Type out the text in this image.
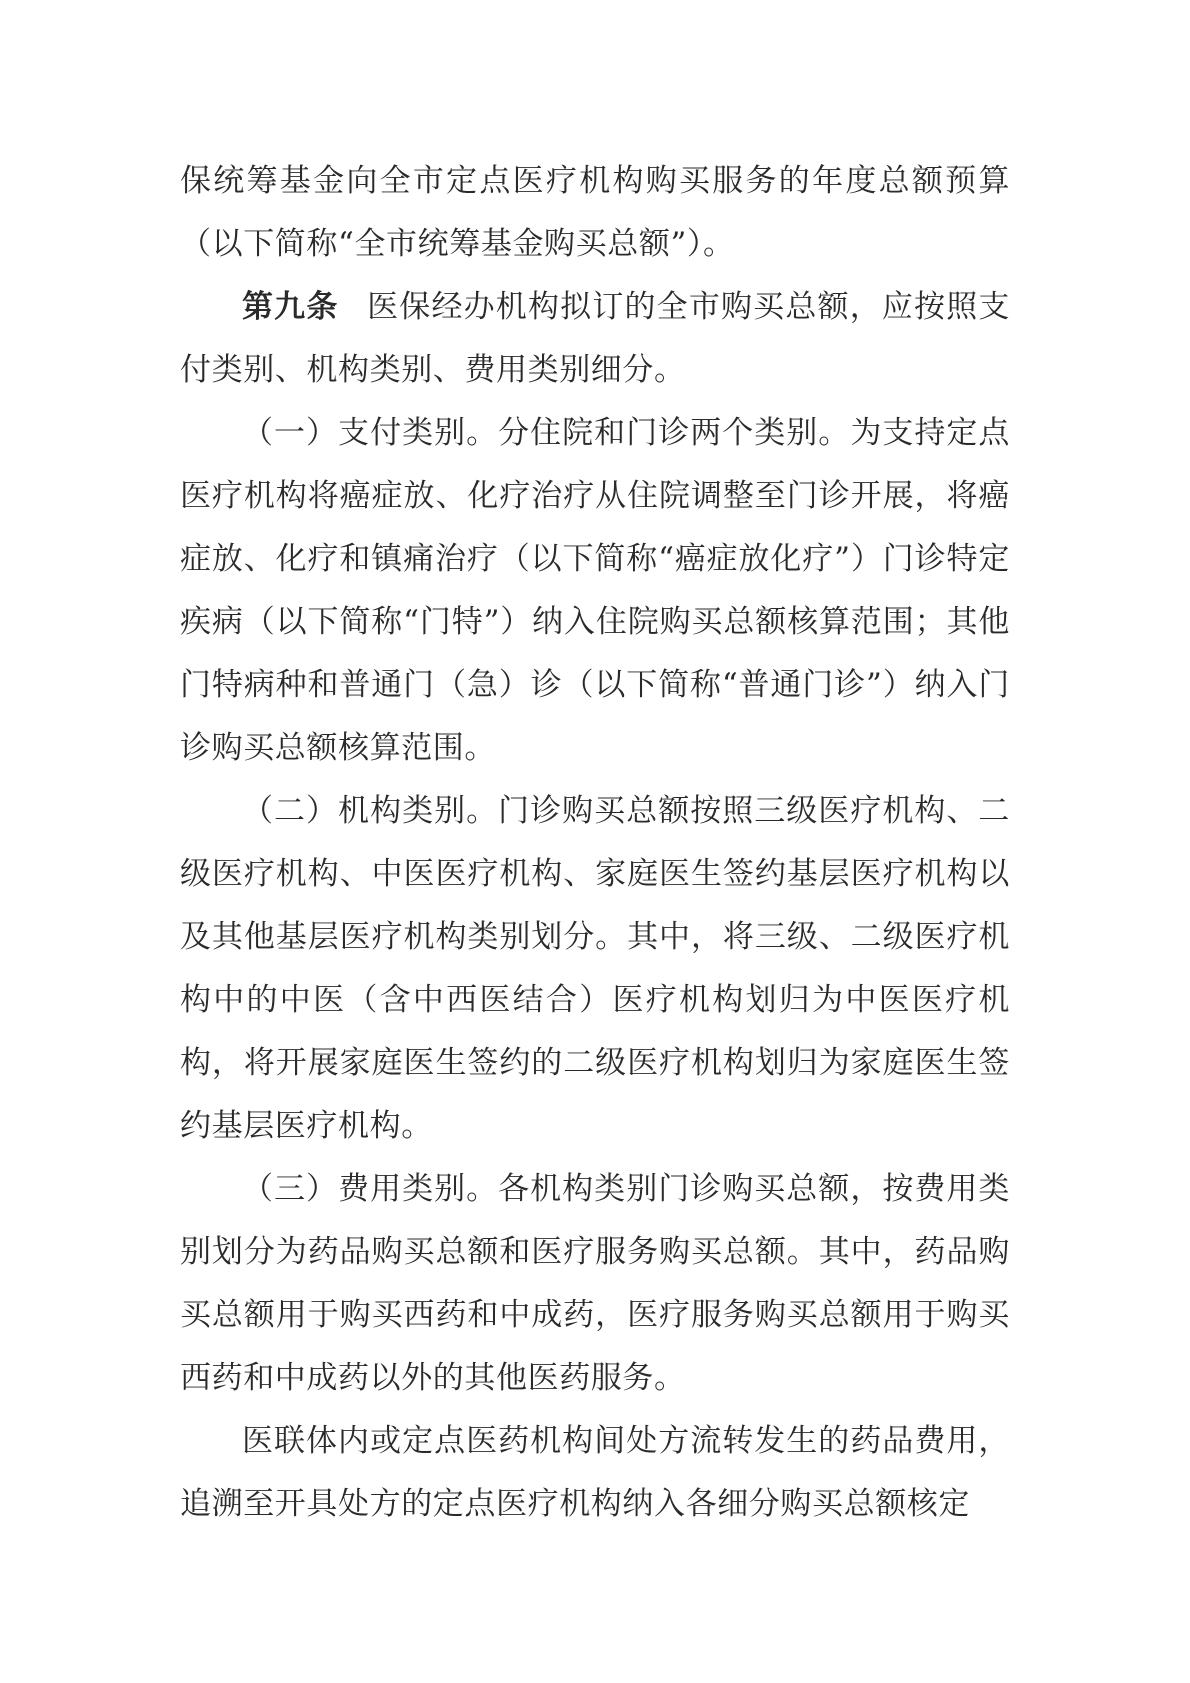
保统筹基金向全市定点医疗机构购买服务的年度总额预算（以下简称“全市统筹基金购买总额”）。

第九条 医保经办机构拟订的全市购买总额，应按照支付类别、机构类别、费用类别细分。

（一）支付类别。分住院和门诊两个类别。为支持定点医疗机构将癌症放、化疗治疗从住院调整至门诊开展，将癌症放、化疗和镇痛治疗（以下简称“癌症放化疗”）门诊特定疾病（以下简称“门特”）纳入住院购买总额核算范围；其他门特病种和普通门（急）诊（以下简称“普通门诊”）纳入门诊购买总额核算范围。

（二）机构类别。门诊购买总额按照三级医疗机构、二级医疗机构、中医医疗机构、家庭医生签约基层医疗机构以及其他基层医疗机构类别划分。其中，将三级、二级医疗机构中的中医（含中西医结合）医疗机构划归为中医医疗机构，将开展家庭医生签约的二级医疗机构划归为家庭医生签约基层医疗机构。

（三）费用类别。各机构类别门诊购买总额，按费用类别划分为药品购买总额和医疗服务购买总额。其中，药品购买总额用于购买西药和中成药，医疗服务购买总额用于购买西药和中成药以外的其他医药服务。

医联体内或定点医药机构间处方流转发生的药品费用，追溯至开具处方的定点医疗机构纳入各细分购买总额核定
